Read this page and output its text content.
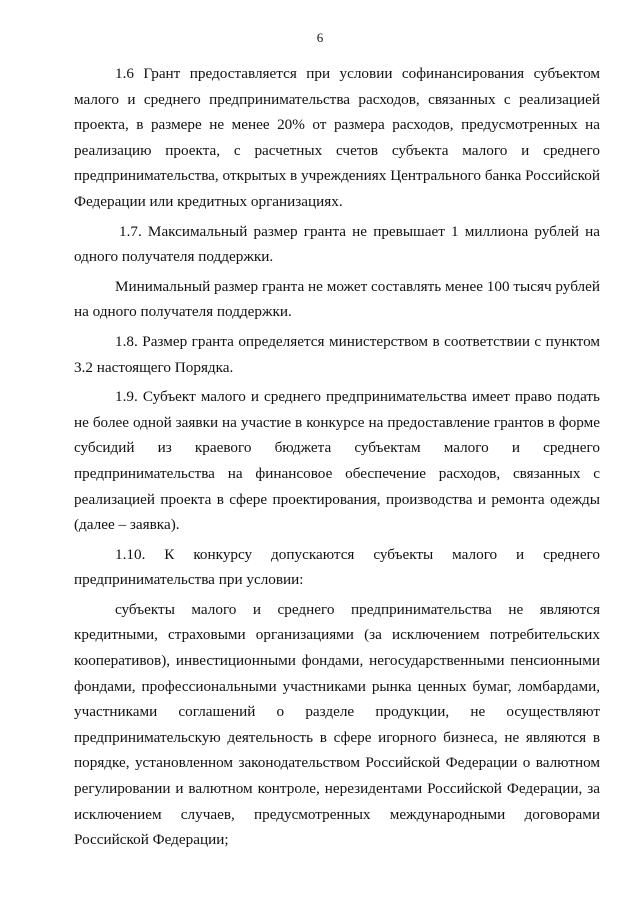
6

1.6 Грант предоставляется при условии софинансирования субъектом малого и среднего предпринимательства расходов, связанных с реализацией проекта, в размере не менее 20% от размера расходов, предусмотренных на реализацию проекта, с расчетных счетов субъекта малого и среднего предпринимательства, открытых в учреждениях Центрального банка Российской Федерации или кредитных организациях.

1.7. Максимальный размер гранта не превышает 1 миллиона рублей на одного получателя поддержки.

Минимальный размер гранта не может составлять менее 100 тысяч рублей на одного получателя поддержки.

1.8. Размер гранта определяется министерством в соответствии с пунктом 3.2 настоящего Порядка.

1.9. Субъект малого и среднего предпринимательства имеет право подать не более одной заявки на участие в конкурсе на предоставление грантов в форме субсидий из краевого бюджета субъектам малого и среднего предпринимательства на финансовое обеспечение расходов, связанных с реализацией проекта в сфере проектирования, производства и ремонта одежды (далее – заявка).

1.10. К конкурсу допускаются субъекты малого и среднего предпринимательства при условии:

субъекты малого и среднего предпринимательства не являются кредитными, страховыми организациями (за исключением потребительских кооперативов), инвестиционными фондами, негосударственными пенсионными фондами, профессиональными участниками рынка ценных бумаг, ломбардами, участниками соглашений о разделе продукции, не осуществляют предпринимательскую деятельность в сфере игорного бизнеса, не являются в порядке, установленном законодательством Российской Федерации о валютном регулировании и валютном контроле, нерезидентами Российской Федерации, за исключением случаев, предусмотренных международными договорами Российской Федерации;
